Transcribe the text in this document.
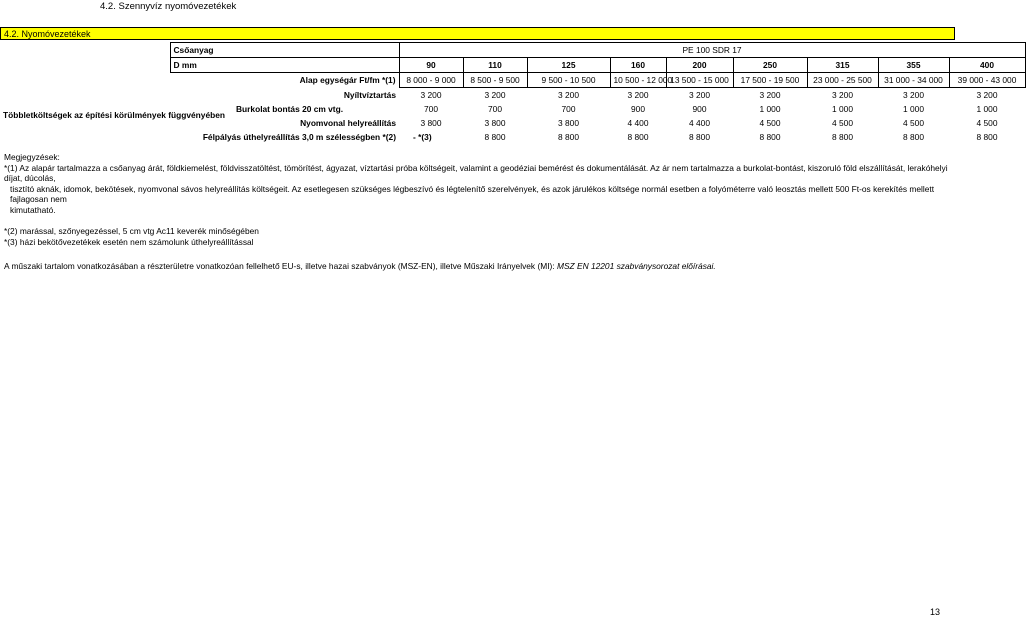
4.2. Szennyvíz nyomóvezetékek
4.2. Nyomóvezetékek
	Csőanyag	PE 100 SDR 17								
	D mm	90	110	125	160	200	250	315	355	400
Alap egységár Ft/fm *(1)		8 000 - 9 000	8 500 - 9 500	9 500 - 10 500	10 500 - 12 000	13 500 - 15 000	17 500 - 19 500	23 000 - 25 500	31 000 - 34 000	39 000 - 43 000
Többletköltségek az építési körülmények függvényében	Nyíltvíztartás	3 200	3 200	3 200	3 200	3 200	3 200	3 200	3 200	3 200
	Burkolat bontás 20 cm vtg.	700	700	700	900	900	1 000	1 000	1 000	1 000
	Nyomvonal helyreállítás	3 800	3 800	3 800	4 400	4 400	4 500	4 500	4 500	4 500
	Félpályás úthelyreállítás 3,0 m szélességben *(2)	- *(3)	8 800	8 800	8 800	8 800	8 800	8 800	8 800	8 800

Megjegyzések:

*(1) Az alapár tartalmazza a csőanyag árát, földkiemelést, földvisszatöltést, tömörítést, ágyazat, víztartási próba költségeit, valamint a geodéziai bemérést és dokumentálását. Az ár nem tartalmazza a burkolat-bontást, kiszoruló föld elszállítását, lerakóhelyi díjat, dúcolás,

tisztító aknák, idomok, bekötések, nyomvonal sávos helyreállítás költségeit. Az esetlegesen szükséges légbeszívó és légtelenítő szerelvények, és azok járulékos költsége normál esetben a folyóméterre való leosztás mellett 500 Ft-os kerekítés mellett fajlagosan nem

kimutatható.

*(2) marással, szőnyegezéssel, 5 cm vtg Ac11 keverék minőségében

*(3) házi bekötővezetékek esetén nem számolunk úthelyreállítással

A műszaki tartalom vonatkozásában a részterületre vonatkozóan fellelhető EU-s, illetve hazai szabványok (MSZ-EN), illetve Műszaki Irányelvek (MI): MSZ EN 12201 szabványsorozat előírásai.

13
